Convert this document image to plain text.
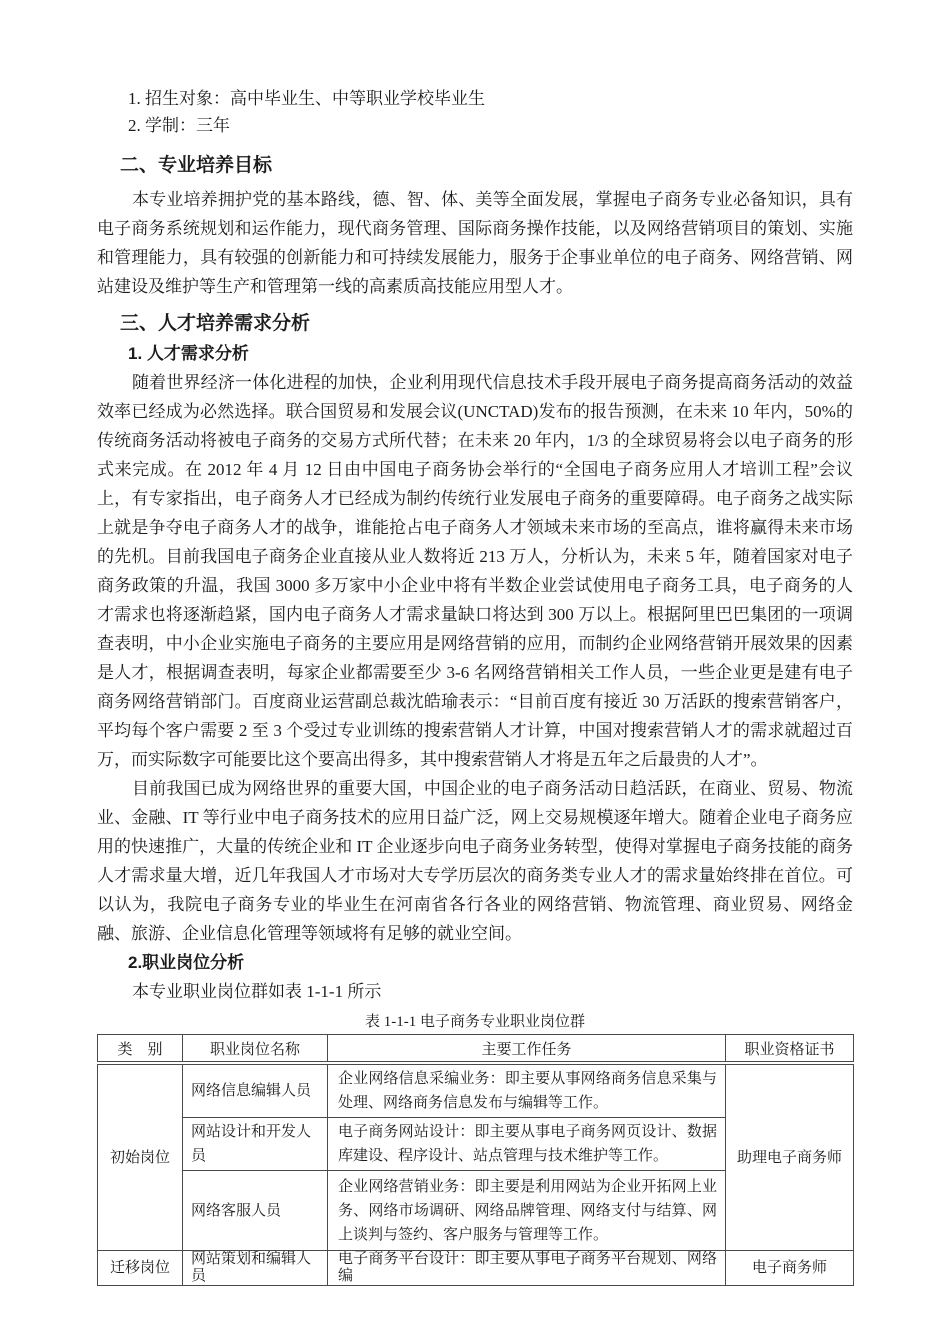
1. 招生对象：高中毕业生、中等职业学校毕业生
2. 学制：三年
二、专业培养目标

本专业培养拥护党的基本路线，德、智、体、美等全面发展，掌握电子商务专业必备知识，具有电子商务系统规划和运作能力，现代商务管理、国际商务操作技能，以及网络营销项目的策划、实施和管理能力，具有较强的创新能力和可持续发展能力，服务于企事业单位的电子商务、网络营销、网站建设及维护等生产和管理第一线的高素质高技能应用型人才。

三、人才培养需求分析
1. 人才需求分析

随着世界经济一体化进程的加快，企业利用现代信息技术手段开展电子商务提高商务活动的效益效率已经成为必然选择。联合国贸易和发展会议(UNCTAD)发布的报告预测，在未来 10 年内，50%的传统商务活动将被电子商务的交易方式所代替；在未来 20 年内，1/3 的全球贸易将会以电子商务的形式来完成。在 2012 年 4 月 12 日由中国电子商务协会举行的“全国电子商务应用人才培训工程”会议上，有专家指出，电子商务人才已经成为制约传统行业发展电子商务的重要障碍。电子商务之战实际上就是争夺电子商务人才的战争，谁能抢占电子商务人才领域未来市场的至高点，谁将赢得未来市场的先机。目前我国电子商务企业直接从业人数将近 213 万人，分析认为，未来 5 年，随着国家对电子商务政策的升温，我国 3000 多万家中小企业中将有半数企业尝试使用电子商务工具，电子商务的人才需求也将逐渐趋紧，国内电子商务人才需求量缺口将达到 300 万以上。根据阿里巴巴集团的一项调查表明，中小企业实施电子商务的主要应用是网络营销的应用，而制约企业网络营销开展效果的因素是人才，根据调查表明，每家企业都需要至少 3-6 名网络营销相关工作人员，一些企业更是建有电子商务网络营销部门。百度商业运营副总裁沈皓瑜表示：“目前百度有接近 30 万活跃的搜索营销客户，平均每个客户需要 2 至 3 个受过专业训练的搜索营销人才计算，中国对搜索营销人才的需求就超过百万，而实际数字可能要比这个要高出得多，其中搜索营销人才将是五年之后最贵的人才”。

目前我国已成为网络世界的重要大国，中国企业的电子商务活动日趋活跃，在商业、贸易、物流业、金融、IT 等行业中电子商务技术的应用日益广泛，网上交易规模逐年增大。随着企业电子商务应用的快速推广，大量的传统企业和 IT 企业逐步向电子商务业务转型，使得对掌握电子商务技能的商务人才需求量大增，近几年我国人才市场对大专学历层次的商务类专业人才的需求量始终排在首位。可以认为，我院电子商务专业的毕业生在河南省各行各业的网络营销、物流管理、商业贸易、网络金融、旅游、企业信息化管理等领域将有足够的就业空间。

2.职业岗位分析

本专业职业岗位群如表 1-1-1 所示

表 1-1-1 电子商务专业职业岗位群
类　别	职业岗位名称	主要工作任务	职业资格证书
初始岗位	网络信息编辑人员	企业网络信息采编业务：即主要从事网络商务信息采集与处理、网络商务信息发布与编辑等工作。	助理电子商务师
	网站设计和开发人员	电子商务网站设计：即主要从事电子商务网页设计、数据库建设、程序设计、站点管理与技术维护等工作。	
	网络客服人员	企业网络营销业务：即主要是利用网站为企业开拓网上业务、网络市场调研、网络品牌管理、网络支付与结算、网上谈判与签约、客户服务与管理等工作。	
迁移岗位	网站策划和编辑人员	电子商务平台设计：即主要从事电子商务平台规划、网络编	电子商务师
